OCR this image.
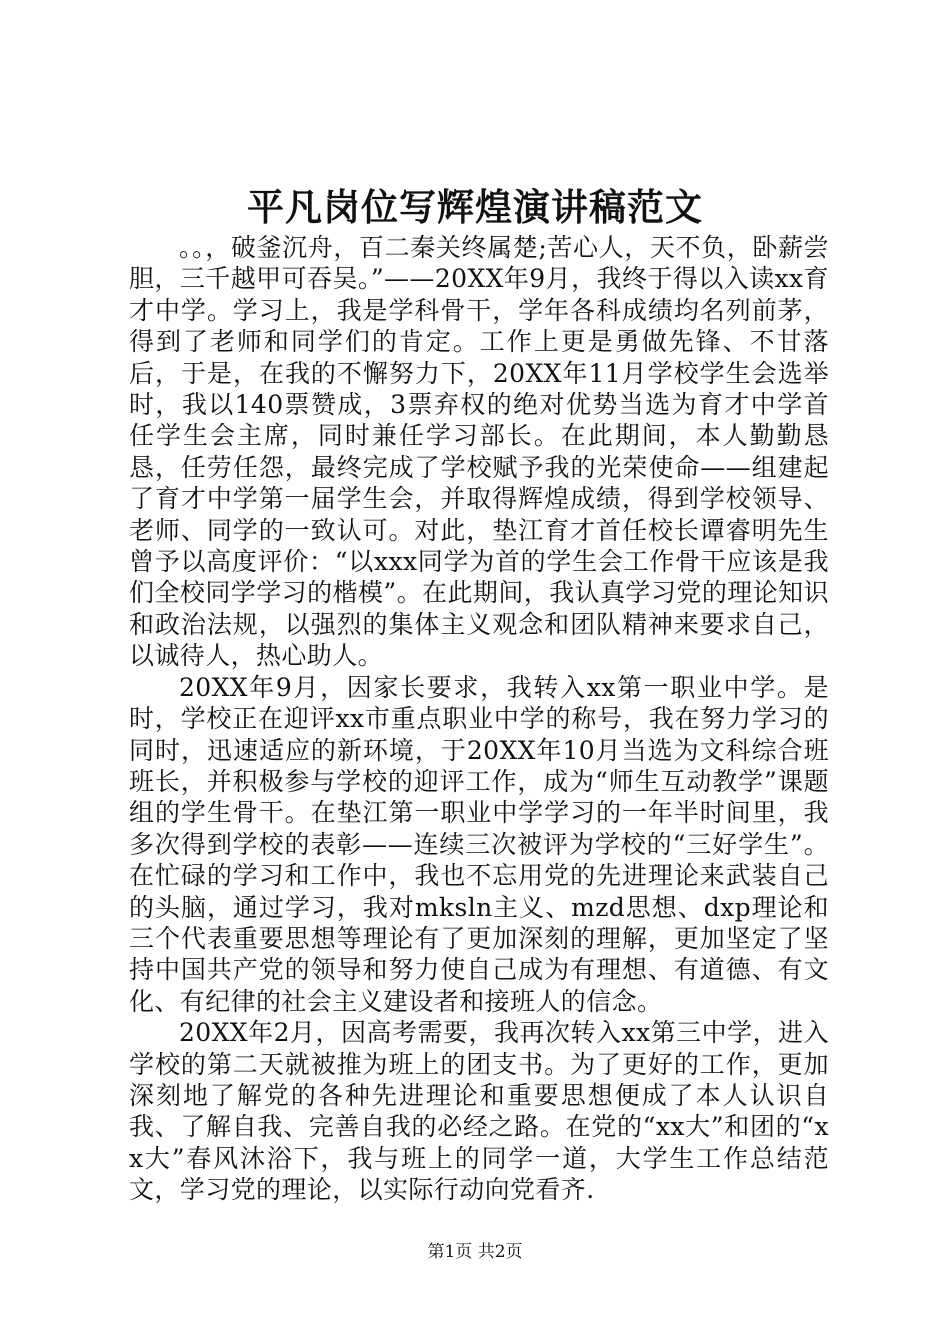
平凡岗位写辉煌演讲稿范文

。。，破釜沉舟，百二秦关终属楚;苦心人，天不负，卧薪尝胆，三千越甲可吞吴。”——20XX年9月，我终于得以入读xx育才中学。学习上，我是学科骨干，学年各科成绩均名列前茅，得到了老师和同学们的肯定。工作上更是勇做先锋、不甘落后，于是，在我的不懈努力下，20XX年11月学校学生会选举时，我以140票赞成，3票弃权的绝对优势当选为育才中学首任学生会主席，同时兼任学习部长。在此期间，本人勤勤恳恳，任劳任怨，最终完成了学校赋予我的光荣使命——组建起了育才中学第一届学生会，并取得辉煌成绩，得到学校领导、老师、同学的一致认可。对此，垫江育才首任校长谭睿明先生曾予以高度评价：“以xxx同学为首的学生会工作骨干应该是我们全校同学学习的楷模”。在此期间，我认真学习党的理论知识和政治法规，以强烈的集体主义观念和团队精神来要求自己，以诚待人，热心助人。

20XX年9月，因家长要求，我转入xx第一职业中学。是时，学校正在迎评xx市重点职业中学的称号，我在努力学习的同时，迅速适应的新环境，于20XX年10月当选为文科综合班班长，并积极参与学校的迎评工作，成为“师生互动教学”课题组的学生骨干。在垫江第一职业中学学习的一年半时间里，我多次得到学校的表彰——连续三次被评为学校的“三好学生”。在忙碌的学习和工作中，我也不忘用党的先进理论来武装自己的头脑，通过学习，我对mksln主义、mzd思想、dxp理论和三个代表重要思想等理论有了更加深刻的理解，更加坚定了坚持中国共产党的领导和努力使自己成为有理想、有道德、有文化、有纪律的社会主义建设者和接班人的信念。

20XX年2月，因高考需要，我再次转入xx第三中学，进入学校的第二天就被推为班上的团支书。为了更好的工作，更加深刻地了解党的各种先进理论和重要思想便成了本人认识自我、了解自我、完善自我的必经之路。在党的“xx大”和团的“xx大”春风沐浴下，我与班上的同学一道，大学生工作总结范文，学习党的理论，以实际行动向党看齐.

第1页 共2页
